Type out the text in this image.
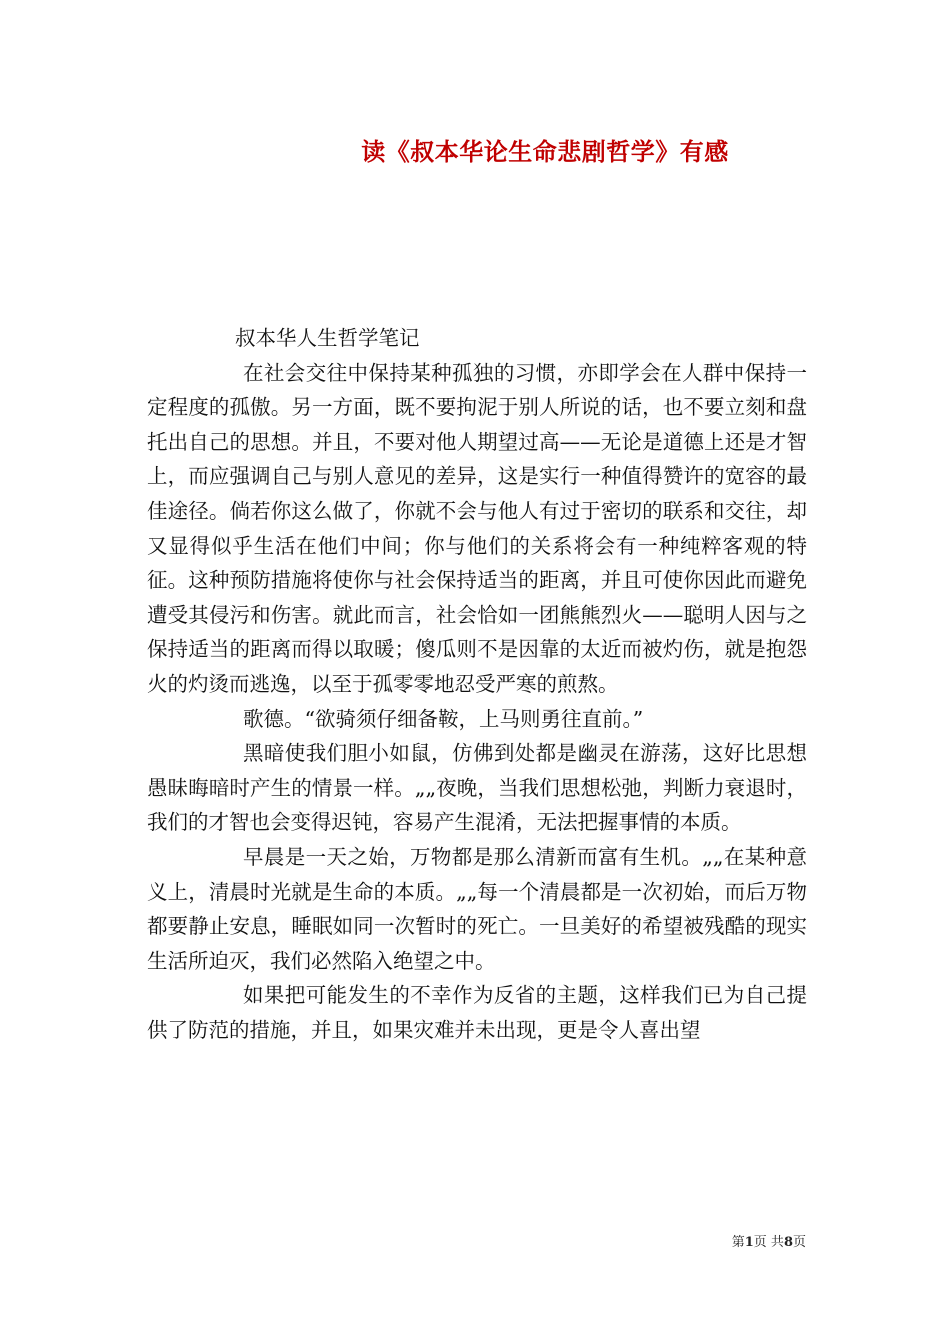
读《叔本华论生命悲剧哲学》有感

叔本华人生哲学笔记

在社会交往中保持某种孤独的习惯，亦即学会在人群中保持一定程度的孤傲。另一方面，既不要拘泥于别人所说的话，也不要立刻和盘托出自己的思想。并且，不要对他人期望过高——无论是道德上还是才智上，而应强调自己与别人意见的差异，这是实行一种值得赞许的宽容的最佳途径。倘若你这么做了，你就不会与他人有过于密切的联系和交往，却又显得似乎生活在他们中间；你与他们的关系将会有一种纯粹客观的特征。这种预防措施将使你与社会保持适当的距离，并且可使你因此而避免遭受其侵污和伤害。就此而言，社会恰如一团熊熊烈火——聪明人因与之保持适当的距离而得以取暖；傻瓜则不是因靠的太近而被灼伤，就是抱怨火的灼烫而逃逸，以至于孤零零地忍受严寒的煎熬。

歌德。“欲骑须仔细备鞍，上马则勇往直前。”

黑暗使我们胆小如鼠，仿佛到处都是幽灵在游荡，这好比思想愚昧晦暗时产生的情景一样。„„夜晚，当我们思想松弛，判断力衰退时，我们的才智也会变得迟钝，容易产生混淆，无法把握事情的本质。

早晨是一天之始，万物都是那么清新而富有生机。„„在某种意义上，清晨时光就是生命的本质。„„每一个清晨都是一次初始，而后万物都要静止安息，睡眠如同一次暂时的死亡。一旦美好的希望被残酷的现实生活所迫灭，我们必然陷入绝望之中。

如果把可能发生的不幸作为反省的主题，这样我们已为自己提供了防范的措施，并且，如果灾难并未出现，更是令人喜出望

第1页 共8页
